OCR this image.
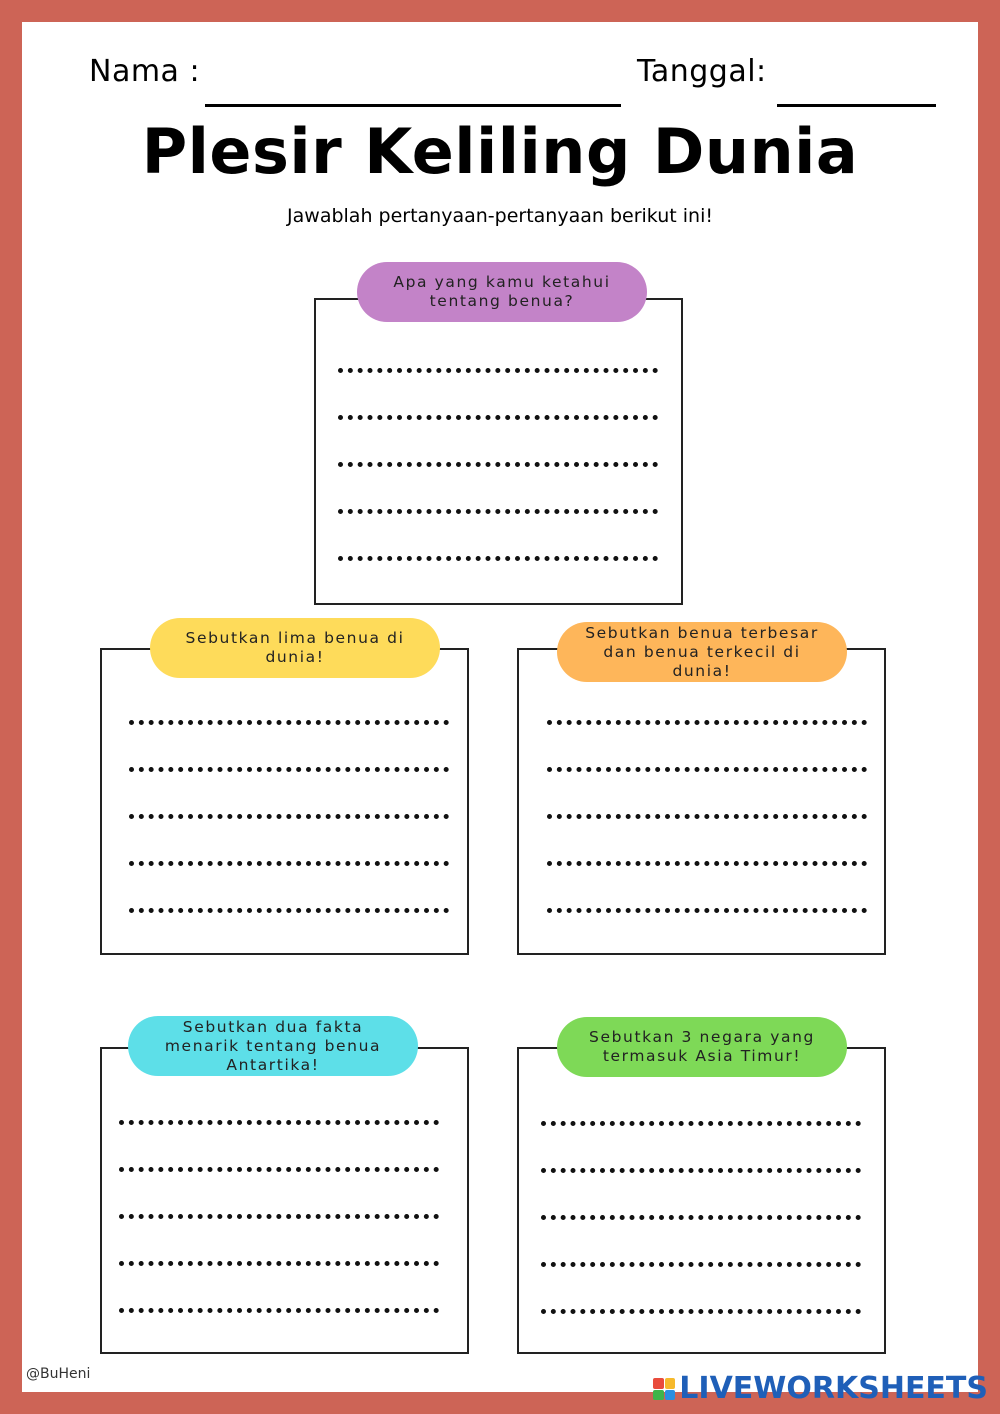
Nama :	Tanggal:
Plesir Keliling Dunia
Jawablah pertanyaan-pertanyaan berikut ini!
Apa yang kamu ketahui tentang benua?
Sebutkan lima benua di dunia!
Sebutkan benua terbesar dan benua terkecil di dunia!
Sebutkan dua fakta menarik tentang benua Antartika!
Sebutkan 3 negara yang termasuk Asia Timur!
@BuHeni	LIVEWORKSHEETS
